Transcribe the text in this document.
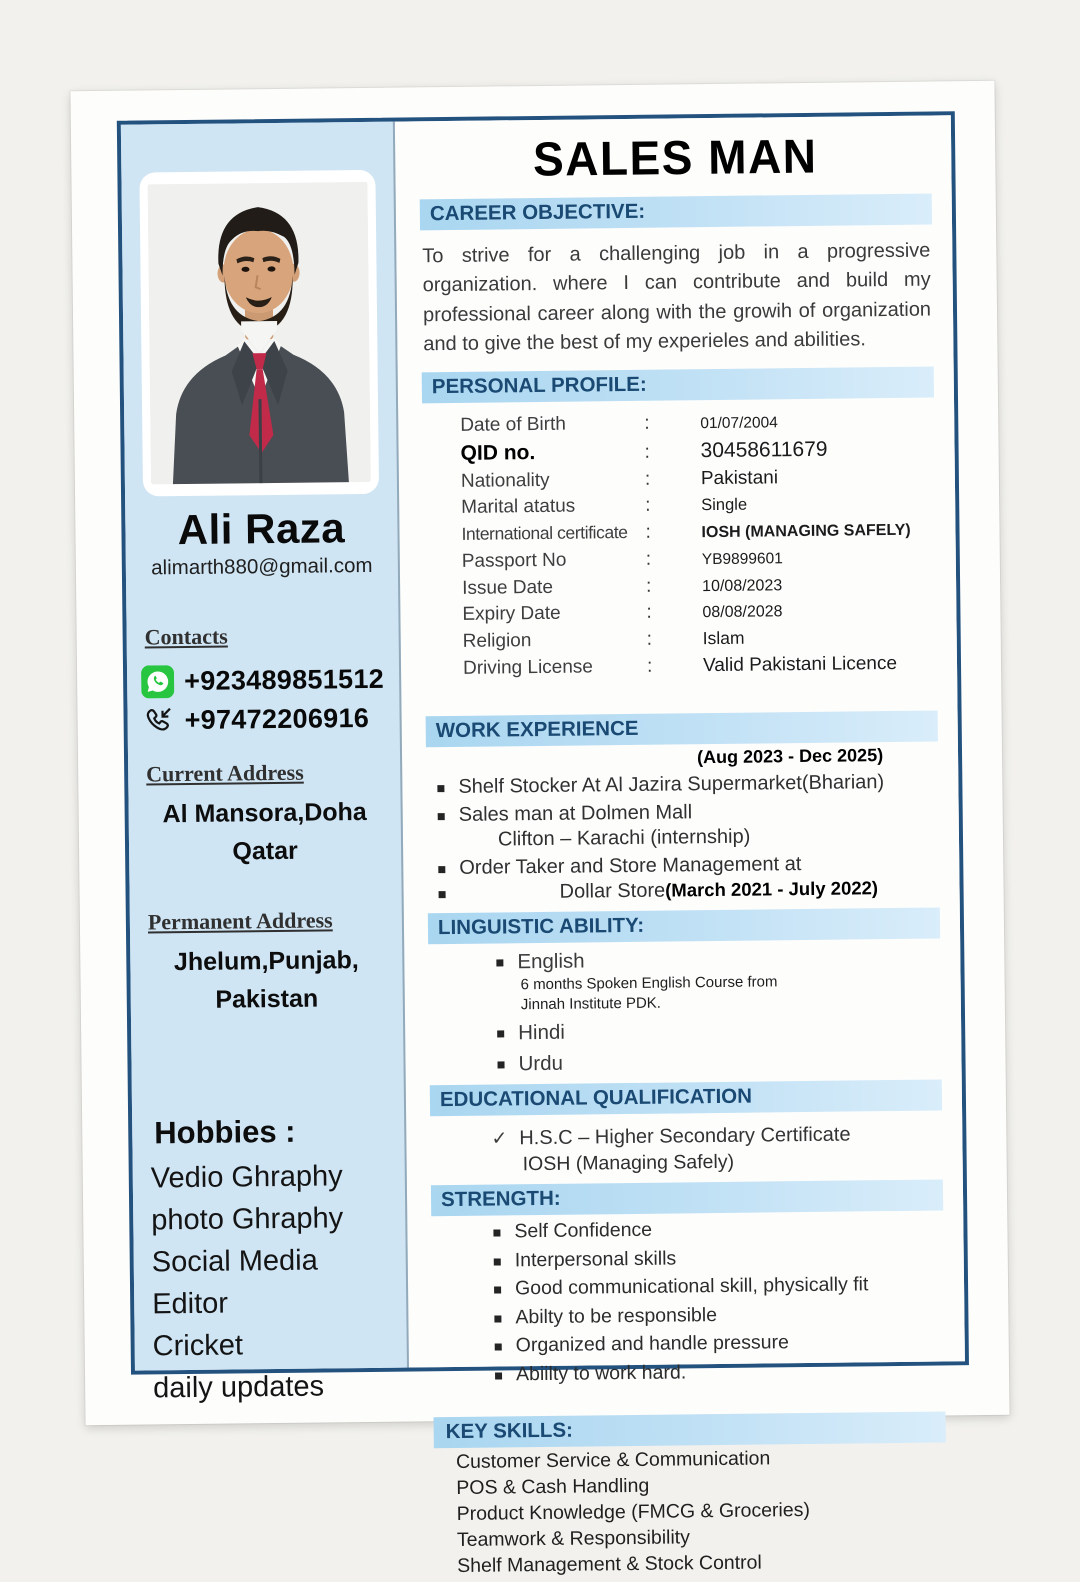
Ali Raza
alimarth880@gmail.com
Contacts
+923489851512
+97472206916
Current Address
Al Mansora,Doha
Qatar
Permanent Address
Jhelum,Punjab,
Pakistan
Hobbies :
Vedio Ghraphy
photo Ghraphy
Social Media
Editor
Cricket
daily updates
SALES MAN
CAREER OBJECTIVE:
To strive for a challenging job in a progressive organization. where I can contribute and build my professional career along with the growih of organization and to give the best of my experieles and abilities.
PERSONAL PROFILE:
Date of Birth	:	01/07/2004
QID no.	:	30458611679
Nationality	:	Pakistani
Marital atatus	:	Single
International certificate :	IOSH (MANAGING SAFELY)
Passport No	:	YB9899601
Issue Date	:	10/08/2023
Expiry Date	:	08/08/2028
Religion	:	Islam
Driving License	:	Valid Pakistani Licence
WORK EXPERIENCE
(Aug 2023 - Dec 2025)
Shelf Stocker At Al Jazira Supermarket(Bharian)
Sales man at Dolmen Mall
Clifton – Karachi (internship)
Order Taker and Store Management at
Dollar Store (March 2021 - July 2022)
LINGUISTIC ABILITY:
English
6 months Spoken English Course from Jinnah Institute PDK.
Hindi
Urdu
EDUCATIONAL QUALIFICATION
✓ H.S.C – Higher Secondary Certificate
IOSH (Managing Safely)
STRENGTH:
Self Confidence
Interpersonal skills
Good communicational skill, physically fit
Abilty to be responsible
Organized and handle pressure
Abiilty to work hard.
KEY SKILLS:
Customer Service & Communication
POS & Cash Handling
Product Knowledge (FMCG & Groceries)
Teamwork & Responsibility
Shelf Management & Stock Control
